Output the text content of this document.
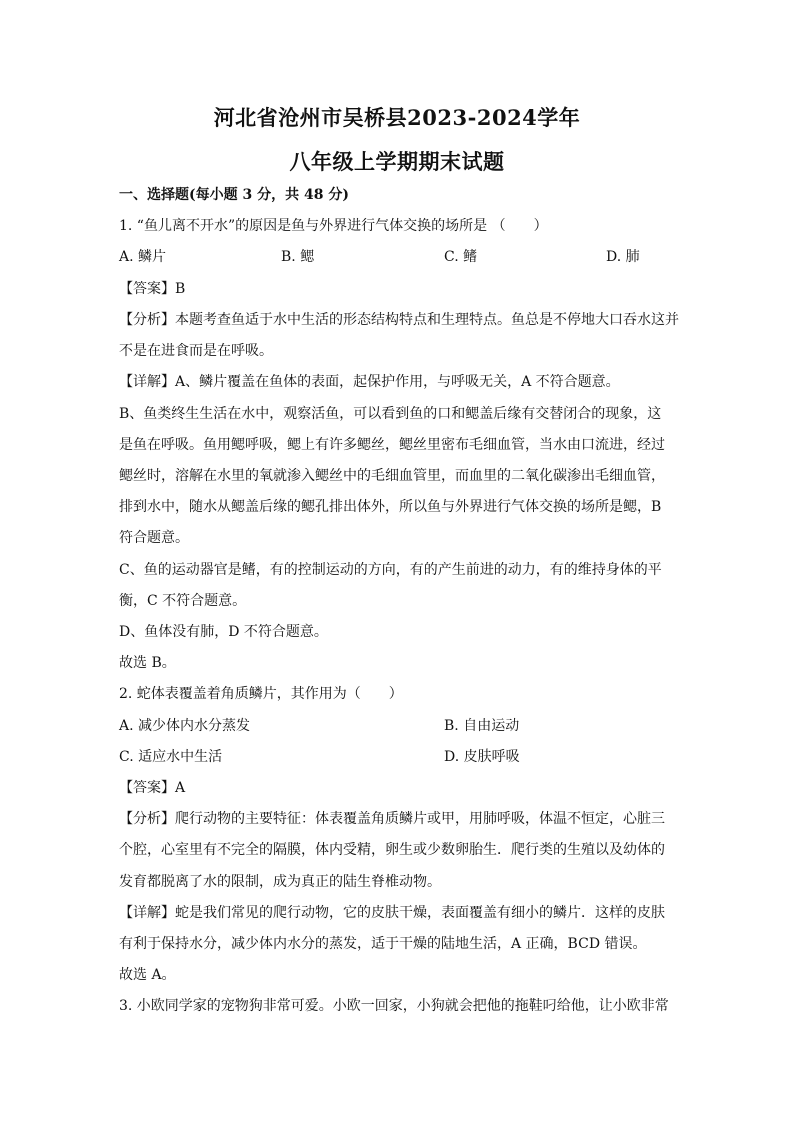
河北省沧州市吴桥县2023-2024学年
八年级上学期期末试题
一、选择题(每小题 3 分，共 48 分)
1. “鱼儿离不开水”的原因是鱼与外界进行气体交换的场所是 （　　）
A. 鳞片	B. 鳃	C. 鳍	D. 肺
【答案】B
【分析】本题考查鱼适于水中生活的形态结构特点和生理特点。鱼总是不停地大口吞水这并
不是在进食而是在呼吸。
【详解】A、鳞片覆盖在鱼体的表面，起保护作用，与呼吸无关，A 不符合题意。
B、鱼类终生生活在水中，观察活鱼，可以看到鱼的口和鳃盖后缘有交替闭合的现象，这
是鱼在呼吸。鱼用鳃呼吸，鳃上有许多鳃丝，鳃丝里密布毛细血管，当水由口流进，经过
鳃丝时，溶解在水里的氧就渗入鳃丝中的毛细血管里，而血里的二氧化碳渗出毛细血管，
排到水中，随水从鳃盖后缘的鳃孔排出体外，所以鱼与外界进行气体交换的场所是鳃，B
符合题意。
C、鱼的运动器官是鳍，有的控制运动的方向，有的产生前进的动力，有的维持身体的平
衡，C 不符合题意。
D、鱼体没有肺，D 不符合题意。
故选 B。
2. 蛇体表覆盖着角质鳞片，其作用为（　　）
A. 减少体内水分蒸发	B. 自由运动
C. 适应水中生活	D. 皮肤呼吸
【答案】A
【分析】爬行动物的主要特征：体表覆盖角质鳞片或甲，用肺呼吸，体温不恒定，心脏三
个腔，心室里有不完全的隔膜，体内受精，卵生或少数卵胎生．爬行类的生殖以及幼体的
发育都脱离了水的限制，成为真正的陆生脊椎动物。
【详解】蛇是我们常见的爬行动物，它的皮肤干燥，表面覆盖有细小的鳞片．这样的皮肤
有利于保持水分，减少体内水分的蒸发，适于干燥的陆地生活，A 正确，BCD 错误。
故选 A。
3. 小欧同学家的宠物狗非常可爱。小欧一回家，小狗就会把他的拖鞋叼给他，让小欧非常
